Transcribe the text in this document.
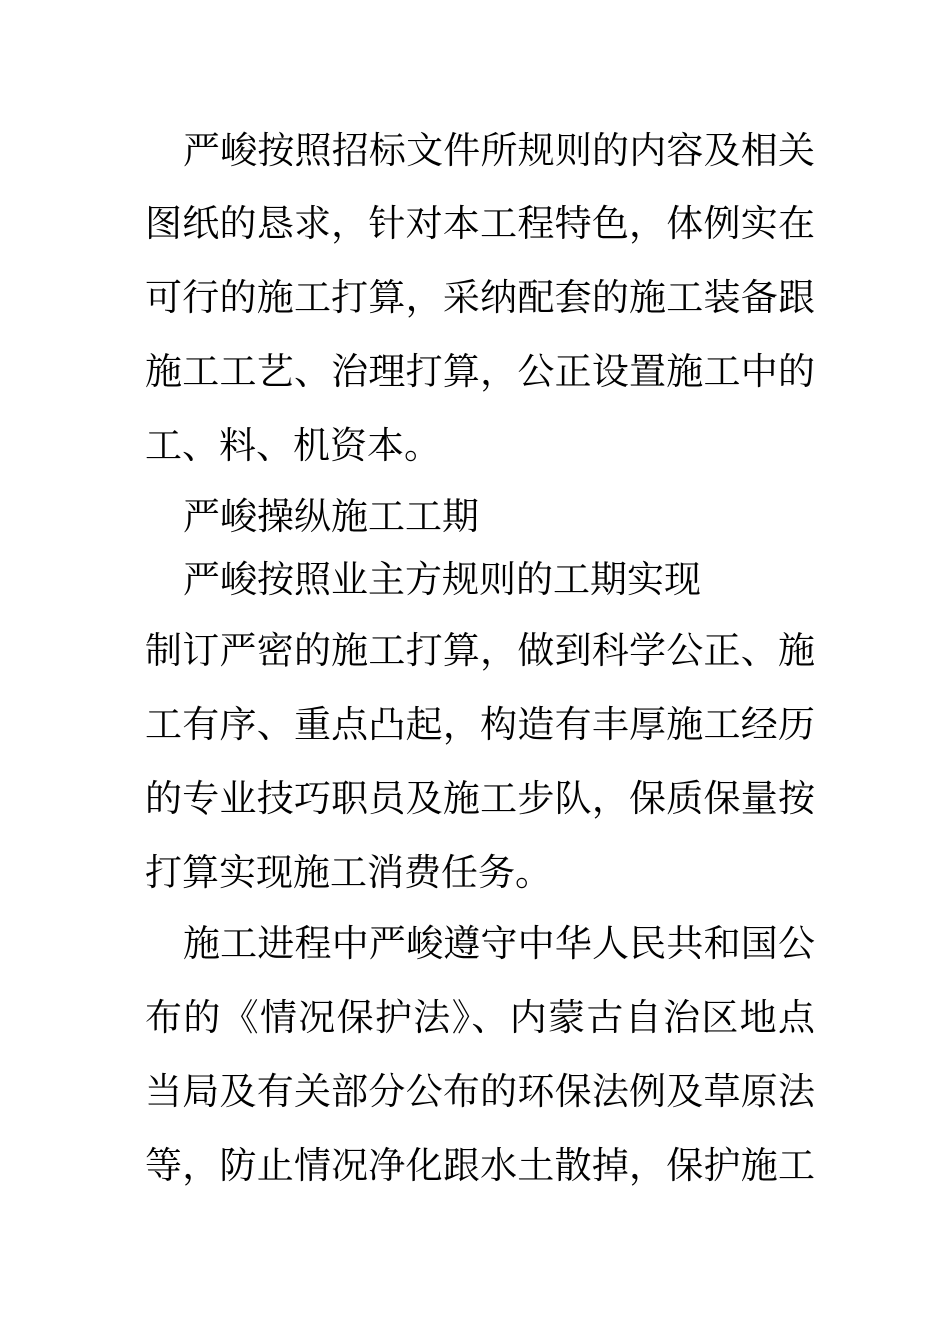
严峻按照招标文件所规则的内容及相关
图纸的恳求，针对本工程特色，体例实在
可行的施工打算，采纳配套的施工装备跟
施工工艺、治理打算，公正设置施工中的
工、料、机资本。
严峻操纵施工工期
严峻按照业主方规则的工期实现
制订严密的施工打算，做到科学公正、施
工有序、重点凸起，构造有丰厚施工经历
的专业技巧职员及施工步队，保质保量按
打算实现施工消费任务。
施工进程中严峻遵守中华人民共和国公
布的《情况保护法》、内蒙古自治区地点
当局及有关部分公布的环保法例及草原法
等，防止情况净化跟水土散掉，保护施工
